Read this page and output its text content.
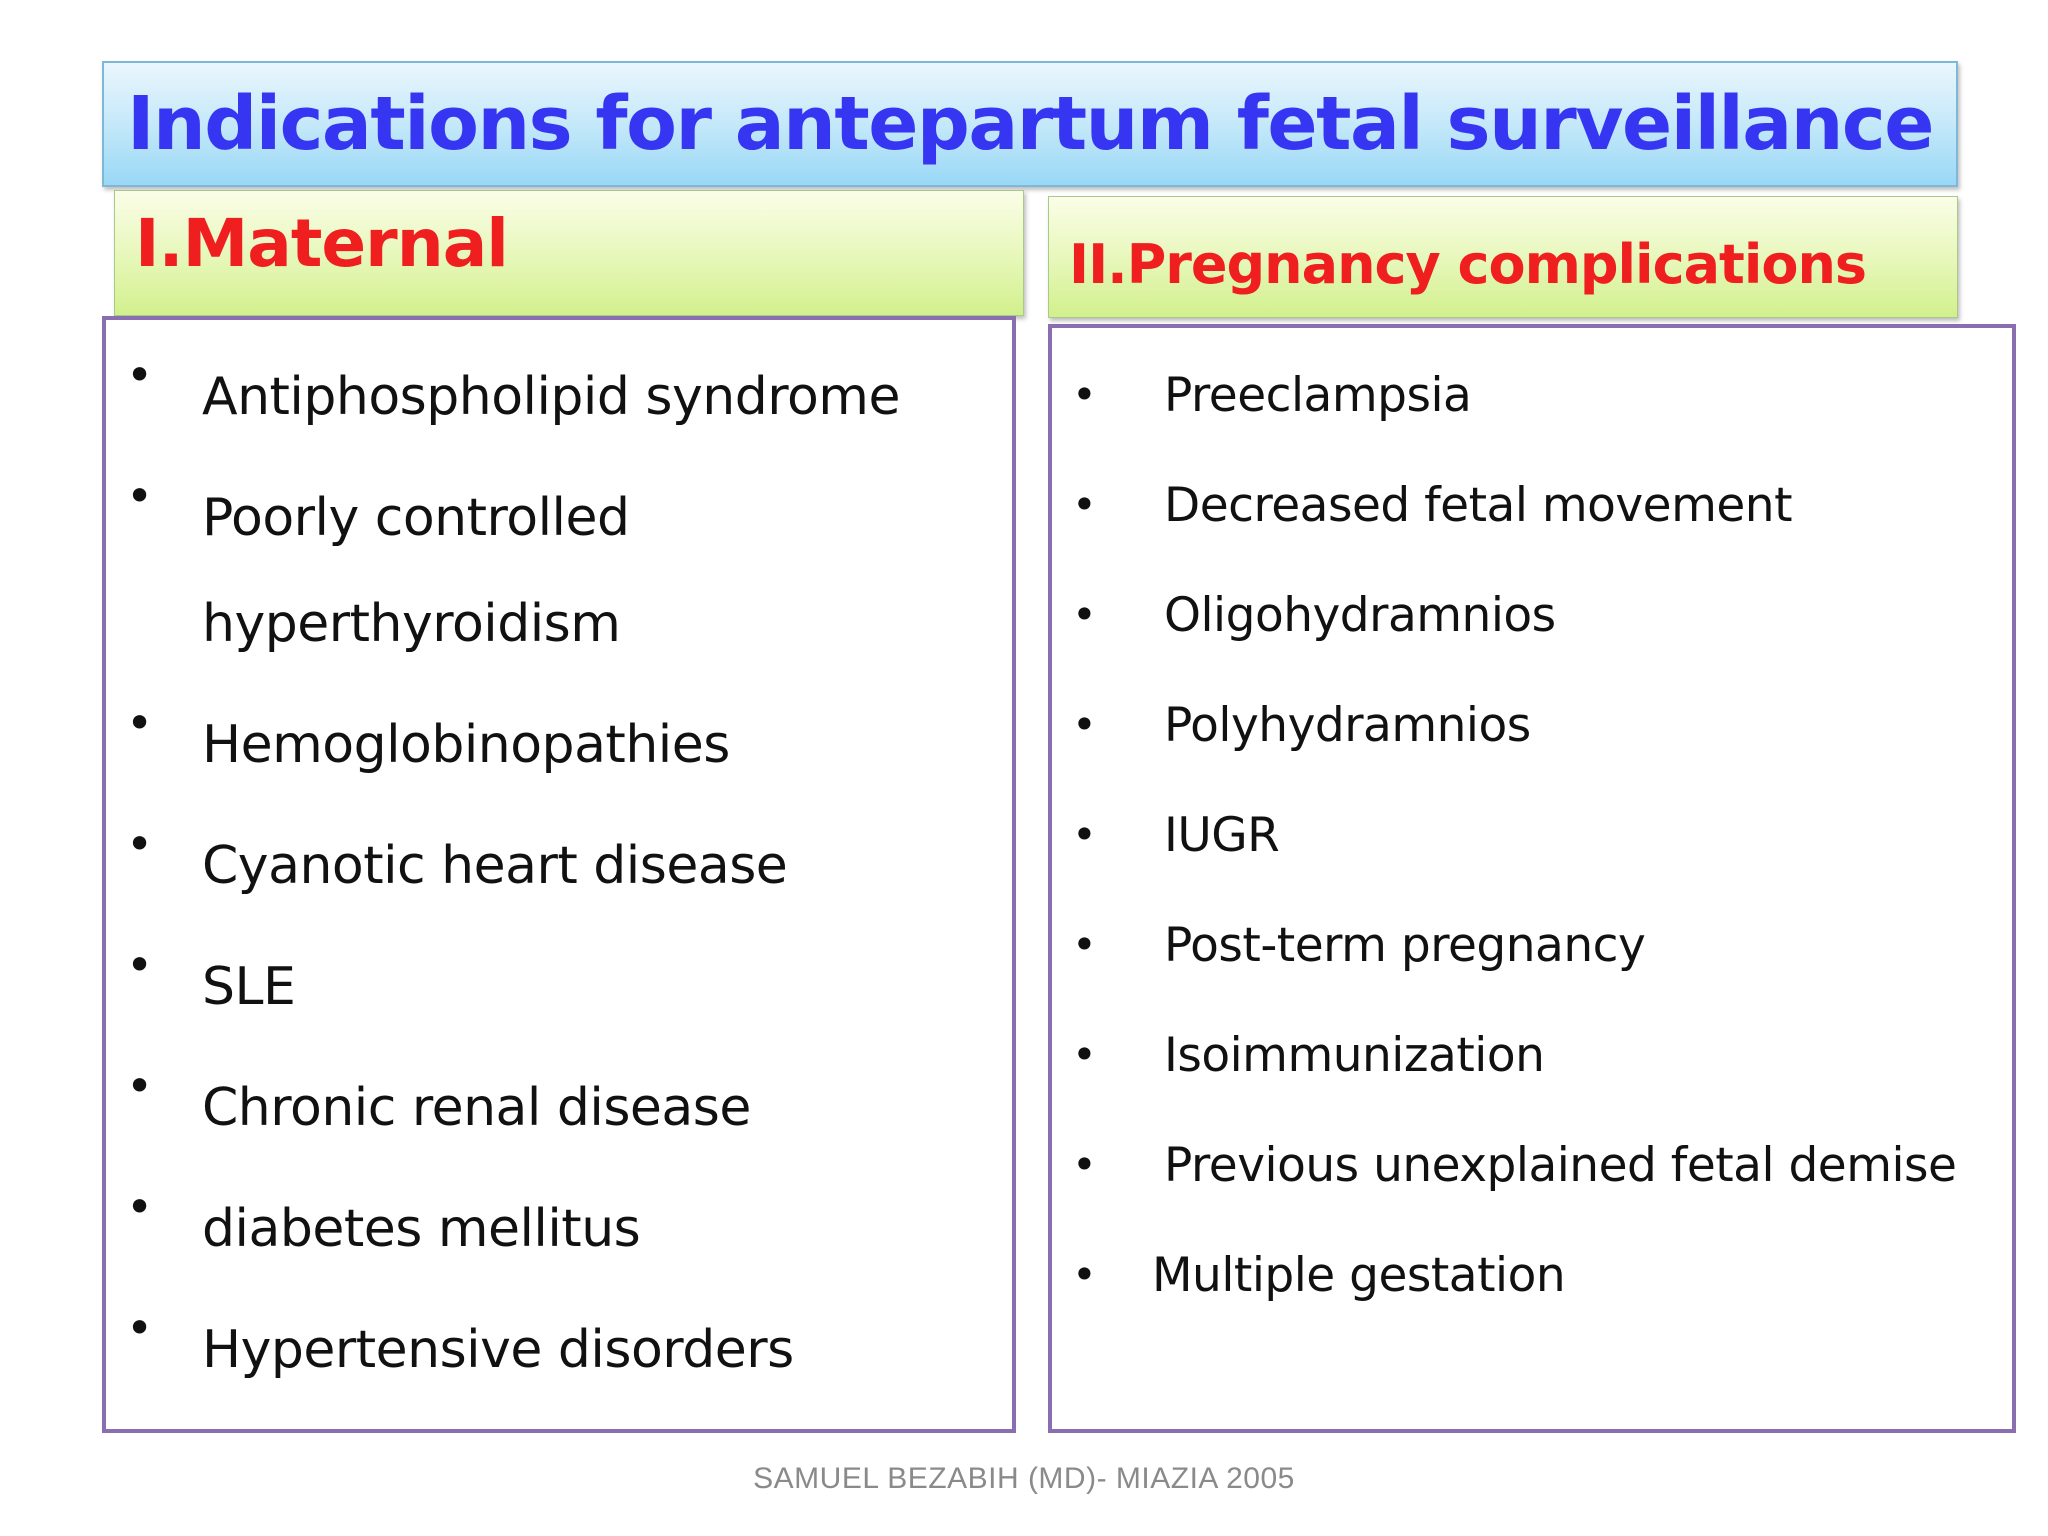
Indications for antepartum fetal surveillance
I.Maternal	II.Pregnancy complications
• Antiphospholipid syndrome
• Poorly controlled
hyperthyroidism
• Hemoglobinopathies
• Cyanotic heart disease
• SLE
• Chronic renal disease
• diabetes mellitus
• Hypertensive disorders
• Preeclampsia
• Decreased fetal movement
• Oligohydramnios
• Polyhydramnios
• IUGR
• Post-term pregnancy
• Isoimmunization
• Previous unexplained fetal demise
• Multiple gestation
SAMUEL BEZABIH (MD)- MIAZIA 2005
